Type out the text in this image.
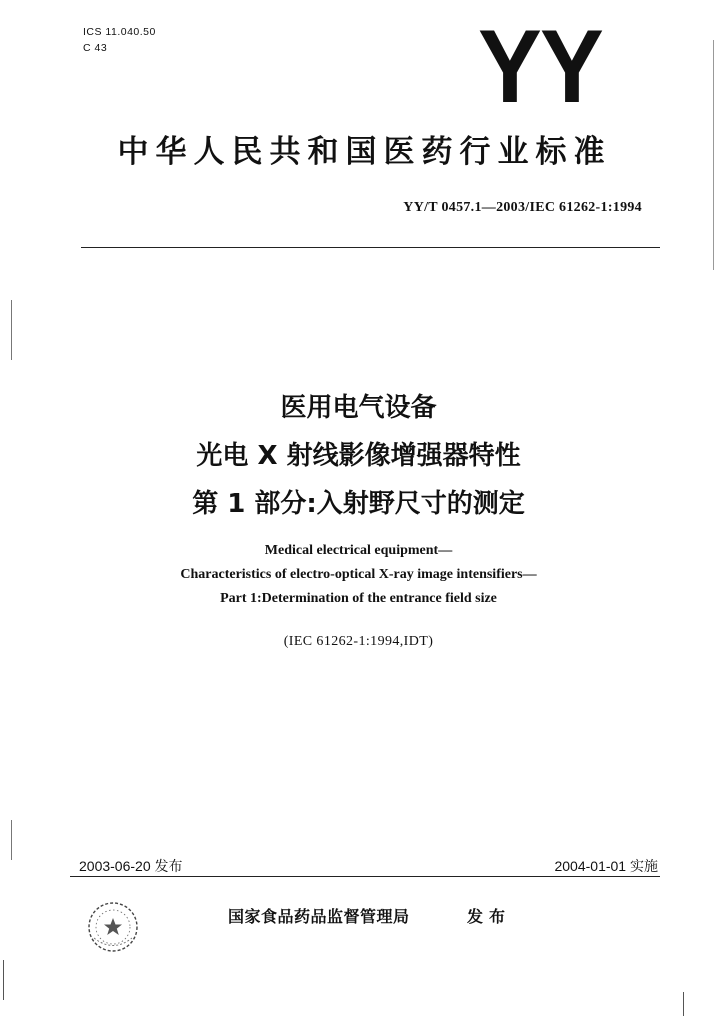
ICS 11.040.50
C 43	YY
中华人民共和国医药行业标准
YY/T 0457.1—2003/IEC 61262-1:1994
医用电气设备
光电 X 射线影像增强器特性
第 1 部分:入射野尺寸的测定
Medical electrical equipment—
Characteristics of electro-optical X-ray image intensifiers—
Part 1:Determination of the entrance field size
(IEC 61262-1:1994,IDT)
2003-06-20 发布	2004-01-01 实施
国家食品药品监督管理局	发布
